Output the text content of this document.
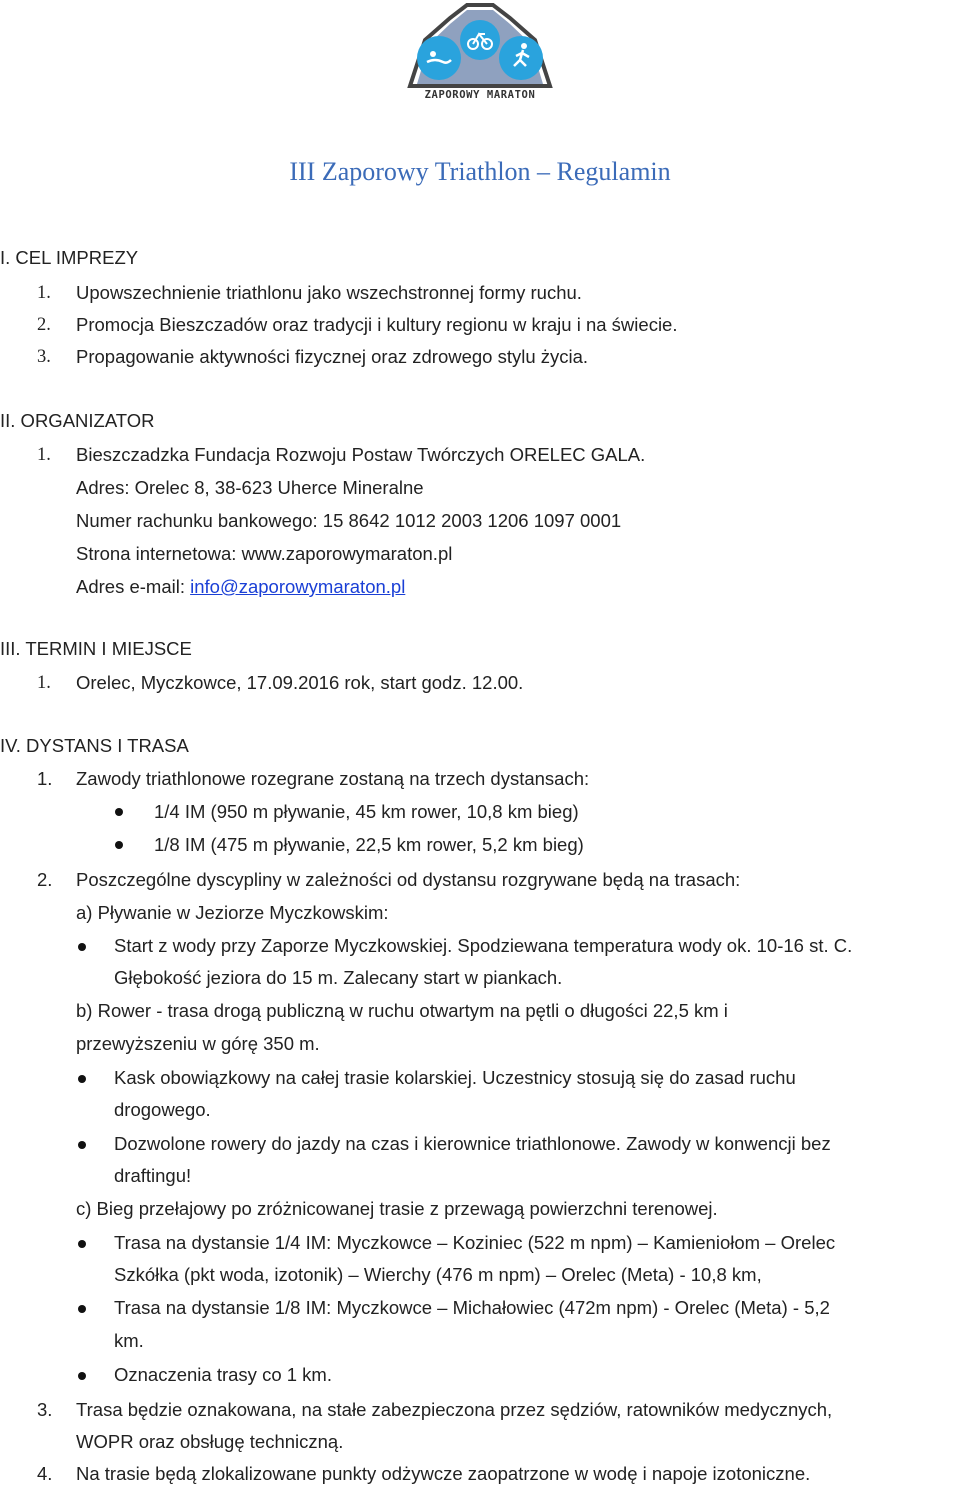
ZAPOROWY MARATON
III Zaporowy Triathlon – Regulamin
I. CEL IMPREZY
1. Upowszechnienie triathlonu jako wszechstronnej formy ruchu.
2. Promocja Bieszczadów oraz tradycji i kultury regionu w kraju i na świecie.
3. Propagowanie aktywności fizycznej oraz zdrowego stylu życia.
II. ORGANIZATOR
1. Bieszczadzka Fundacja Rozwoju Postaw Twórczych ORELEC GALA.
Adres: Orelec 8, 38-623 Uherce Mineralne
Numer rachunku bankowego: 15 8642 1012 2003 1206 1097 0001
Strona internetowa: www.zaporowymaraton.pl
Adres e-mail: info@zaporowymaraton.pl
III. TERMIN I MIEJSCE
1. Orelec, Myczkowce, 17.09.2016 rok, start godz. 12.00.
IV. DYSTANS I TRASA
1. Zawody triathlonowe rozegrane zostaną na trzech dystansach:
1/4 IM (950 m pływanie, 45 km rower, 10,8 km bieg)
1/8 IM (475 m pływanie, 22,5 km rower, 5,2 km bieg)
2. Poszczególne dyscypliny w zależności od dystansu rozgrywane będą na trasach:
a) Pływanie w Jeziorze Myczkowskim:
Start z wody przy Zaporze Myczkowskiej. Spodziewana temperatura wody ok. 10-16 st. C.
Głębokość jeziora do 15 m. Zalecany start w piankach.
b) Rower - trasa drogą publiczną w ruchu otwartym na pętli o długości 22,5 km i
przewyższeniu w górę 350 m.
Kask obowiązkowy na całej trasie kolarskiej. Uczestnicy stosują się do zasad ruchu
drogowego.
Dozwolone rowery do jazdy na czas i kierownice triathlonowe. Zawody w konwencji bez
draftingu!
c) Bieg przełajowy po zróżnicowanej trasie z przewagą powierzchni terenowej.
Trasa na dystansie 1/4 IM: Myczkowce – Koziniec (522 m npm) – Kamieniołom – Orelec
Szkółka (pkt woda, izotonik) – Wierchy (476 m npm) – Orelec (Meta) - 10,8 km,
Trasa na dystansie 1/8 IM: Myczkowce – Michałowiec (472m npm) - Orelec (Meta) - 5,2
km.
Oznaczenia trasy co 1 km.
3. Trasa będzie oznakowana, na stałe zabezpieczona przez sędziów, ratowników medycznych,
WOPR oraz obsługę techniczną.
4. Na trasie będą zlokalizowane punkty odżywcze zaopatrzone w wodę i napoje izotoniczne.
